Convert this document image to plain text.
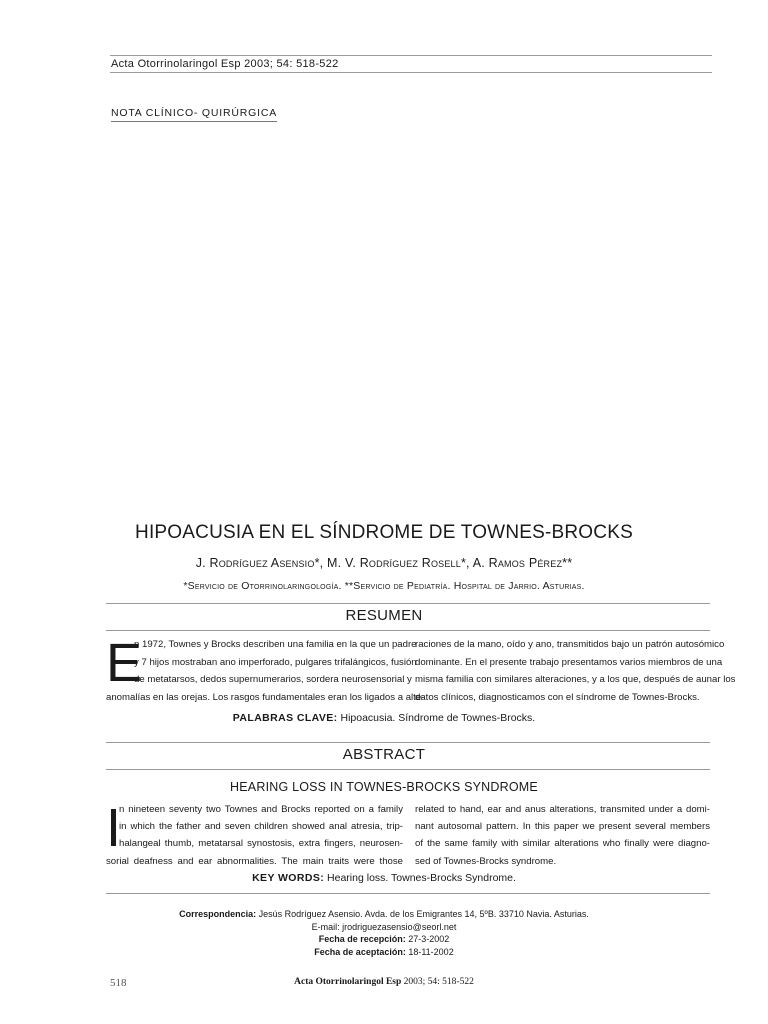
Acta Otorrinolaringol Esp 2003; 54: 518-522
NOTA CLÍNICO- QUIRÚRGICA
HIPOACUSIA EN EL SÍNDROME DE TOWNES-BROCKS
J. Rodríguez Asensio*, M. V. Rodríguez Rosell*, A. Ramos Pérez**
*Servicio de Otorrinolaringología. **Servicio de Pediatría. Hospital de Jarrio. Asturias.
RESUMEN
E
n 1972, Townes y Brocks describen una familia en la que un padre
y 7 hijos mostraban ano imperforado, pulgares trifalángicos, fusión
de metatarsos, dedos supernumerarios, sordera neurosensorial y
anomalías en las orejas. Los rasgos fundamentales eran los ligados a alte-
raciones de la mano, oído y ano, transmitidos bajo un patrón autosómico
dominante. En el presente trabajo presentamos varios miembros de una
misma familia con similares alteraciones, y a los que, después de aunar los
datos clínicos, diagnosticamos con el síndrome de Townes-Brocks.
PALABRAS CLAVE: Hipoacusia. Síndrome de Townes-Brocks.
ABSTRACT
HEARING LOSS IN TOWNES-BROCKS SYNDROME
I
n nineteen seventy two Townes and Brocks reported on a family
in which the father and seven children showed anal atresia, trip-
halangeal thumb, metatarsal synostosis, extra fingers, neurosen-
sorial deafness and ear abnormalities. The main traits were those
related to hand, ear and anus alterations, transmited under a domi-
nant autosomal pattern. In this paper we present several members
of the same family with similar alterations who finally were diagno-
sed of Townes-Brocks syndrome.
KEY WORDS: Hearing loss. Townes-Brocks Syndrome.
Correspondencia: Jesús Rodríguez Asensio. Avda. de los Emigrantes 14, 5ºB. 33710 Navia. Asturias.
E-mail: jrodriguezasensio@seorl.net
Fecha de recepción: 27-3-2002
Fecha de aceptación: 18-11-2002
518	Acta Otorrinolaringol Esp 2003; 54: 518-522
